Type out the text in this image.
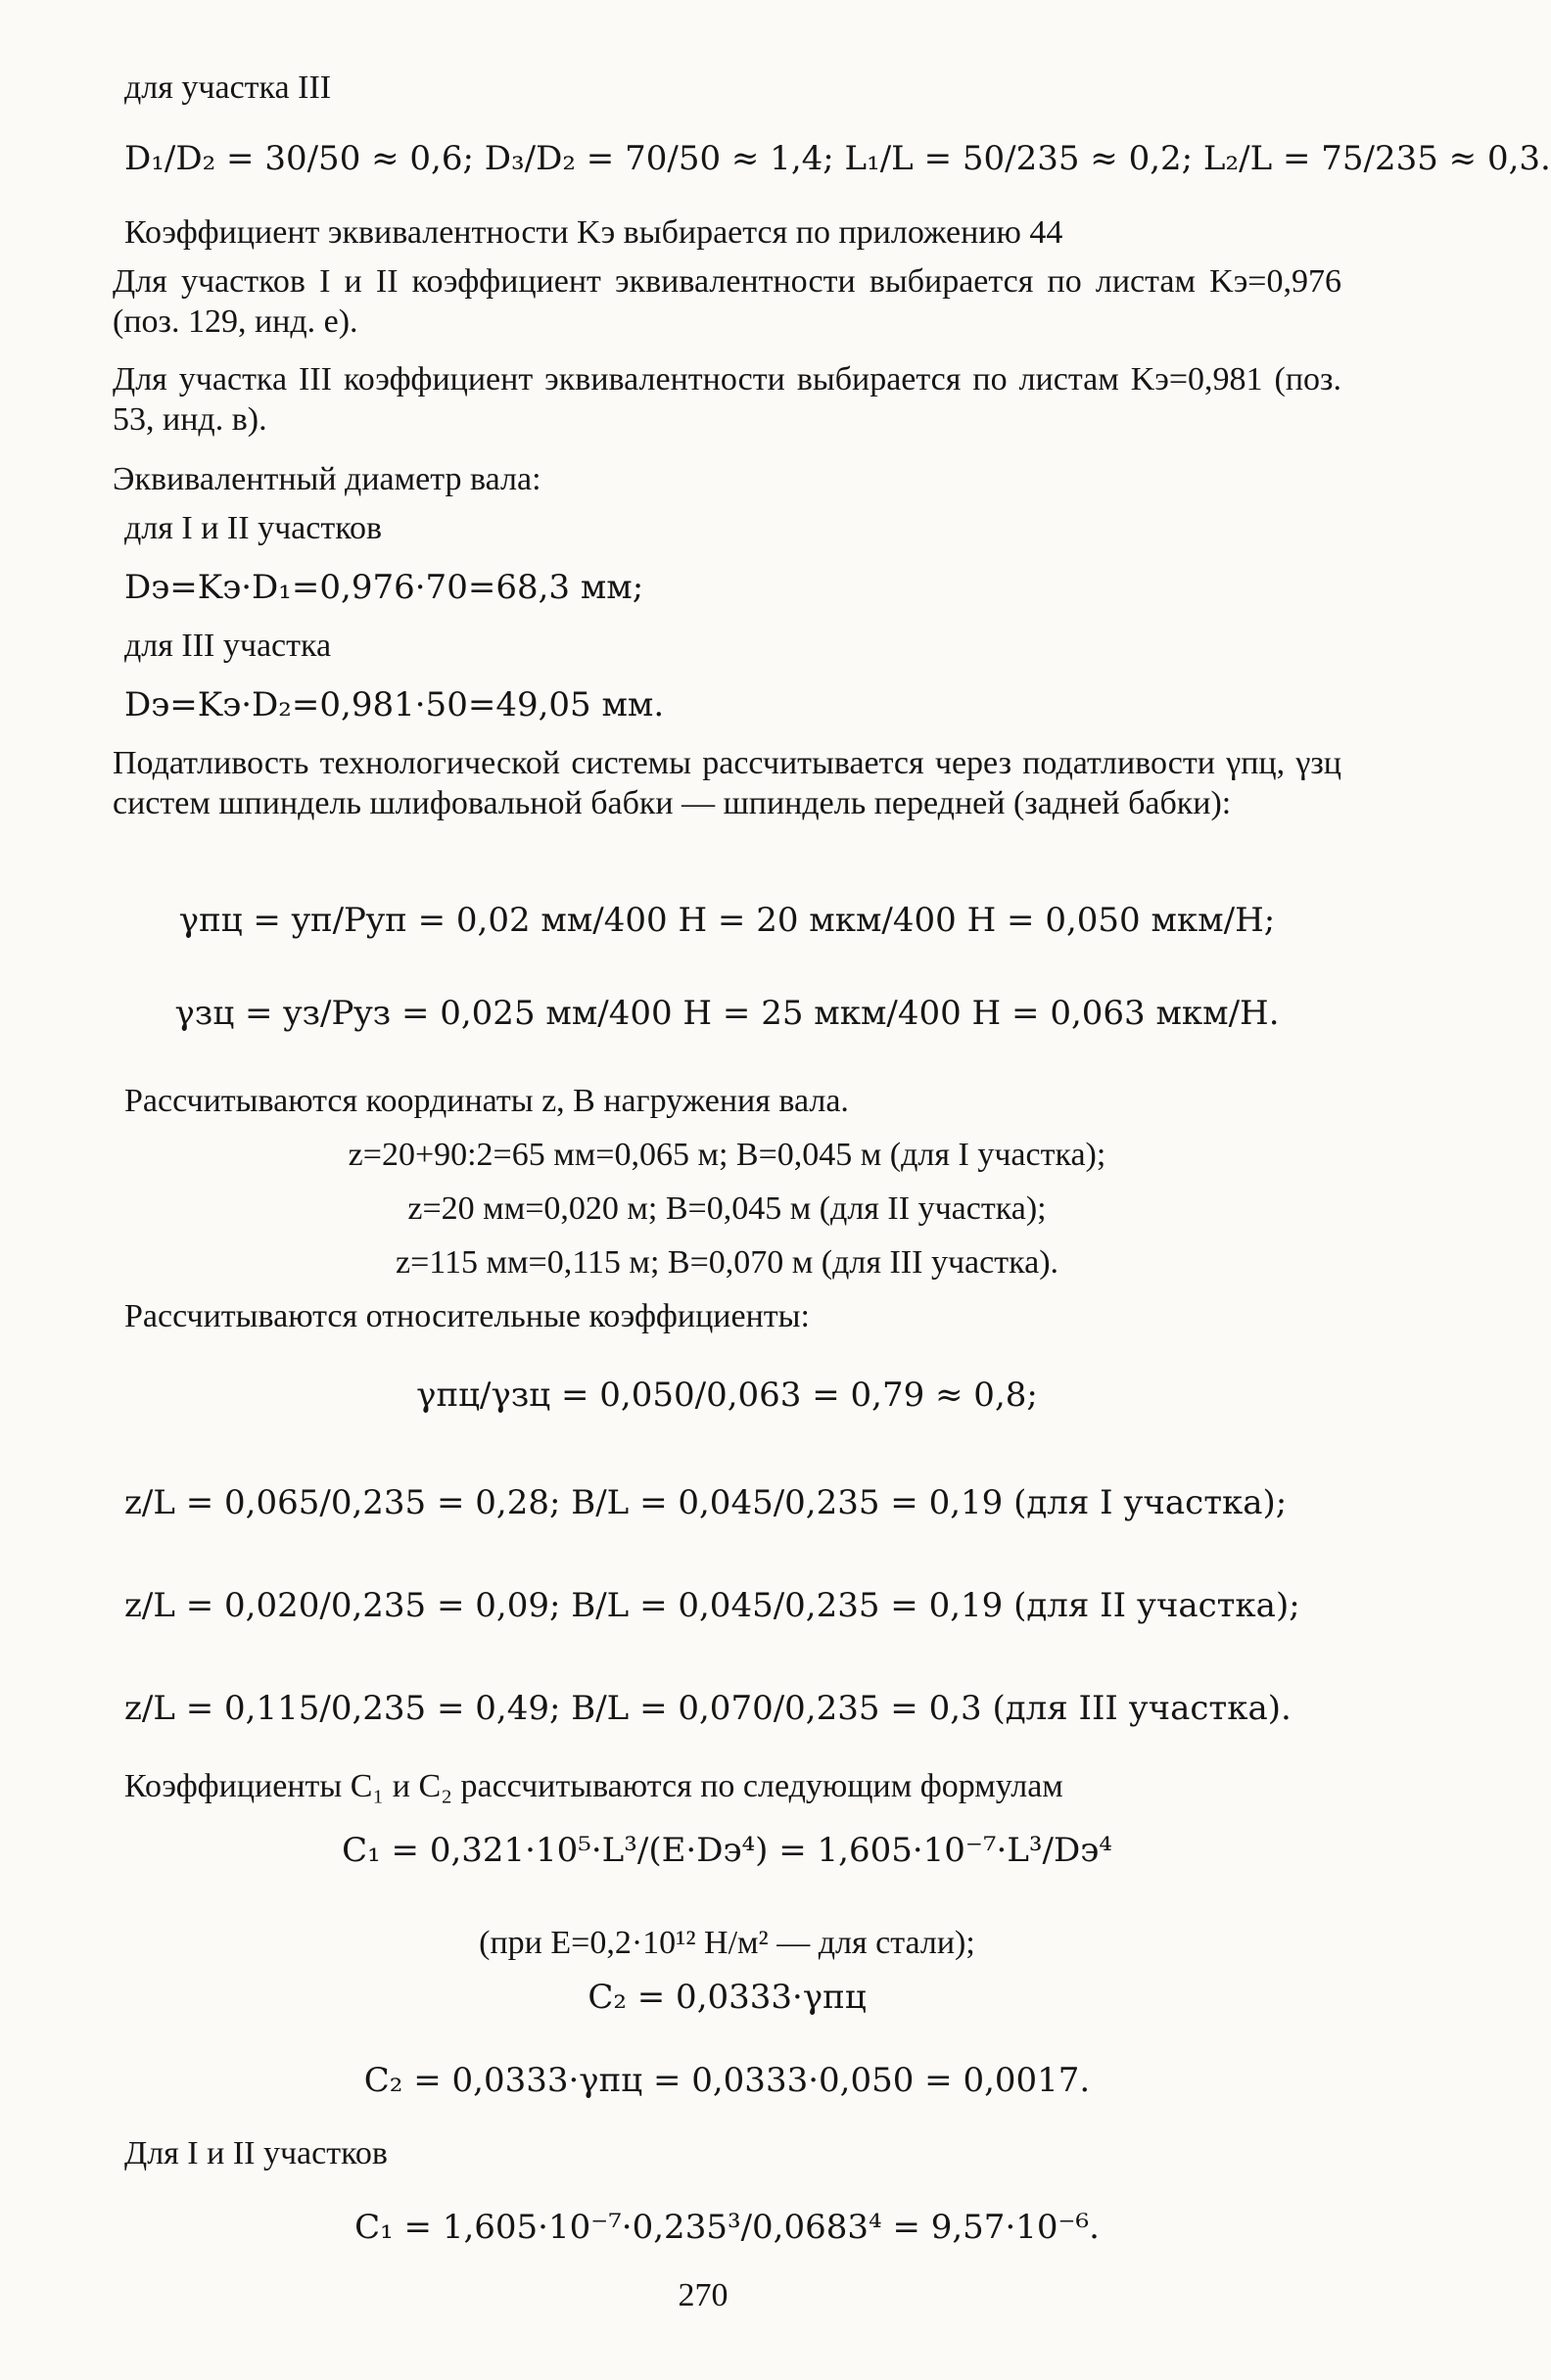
для участка III
D₁/D₂ = 30/50 ≈ 0,6; D₃/D₂ = 70/50 ≈ 1,4; L₁/L = 50/235 ≈ 0,2; L₂/L = 75/235 ≈ 0,3.
Коэффициент эквивалентности Kэ выбирается по приложению 44
Для участков I и II коэффициент эквивалентности выбирается по листам Kэ=0,976 (поз. 129, инд. е).
Для участка III коэффициент эквивалентности выбирается по листам Kэ=0,981 (поз. 53, инд. в).
Эквивалентный диаметр вала:
для I и II участков
Dэ=Kэ·D₁=0,976·70=68,3 мм;
для III участка
Dэ=Kэ·D₂=0,981·50=49,05 мм.
Податливость технологической системы рассчитывается через податливости γпц, γзц систем шпиндель шлифовальной бабки — шпиндель передней (задней бабки):
γпц = yп/Pyп = 0,02 мм/400 Н = 20 мкм/400 Н = 0,050 мкм/Н;
γзц = yз/Pyз = 0,025 мм/400 Н = 25 мкм/400 Н = 0,063 мкм/Н.
Рассчитываются координаты z, В нагружения вала.
z=20+90:2=65 мм=0,065 м; В=0,045 м (для I участка);
z=20 мм=0,020 м; В=0,045 м (для II участка);
z=115 мм=0,115 м; В=0,070 м (для III участка).
Рассчитываются относительные коэффициенты:
γпц/γзц = 0,050/0,063 = 0,79 ≈ 0,8;
z/L = 0,065/0,235 = 0,28; B/L = 0,045/0,235 = 0,19 (для I участка);
z/L = 0,020/0,235 = 0,09; B/L = 0,045/0,235 = 0,19 (для II участка);
z/L = 0,115/0,235 = 0,49; B/L = 0,070/0,235 = 0,3 (для III участка).
Коэффициенты C₁ и C₂ рассчитываются по следующим формулам
C₁ = 0,321·10⁵·L³/(E·Dэ⁴) = 1,605·10⁻⁷·L³/Dэ⁴
(при E=0,2·10¹² Н/м² — для стали);
C₂ = 0,0333·γпц
C₂ = 0,0333·γпц = 0,0333·0,050 = 0,0017.
Для I и II участков
C₁ = 1,605·10⁻⁷·0,235³/0,0683⁴ = 9,57·10⁻⁶.
270
